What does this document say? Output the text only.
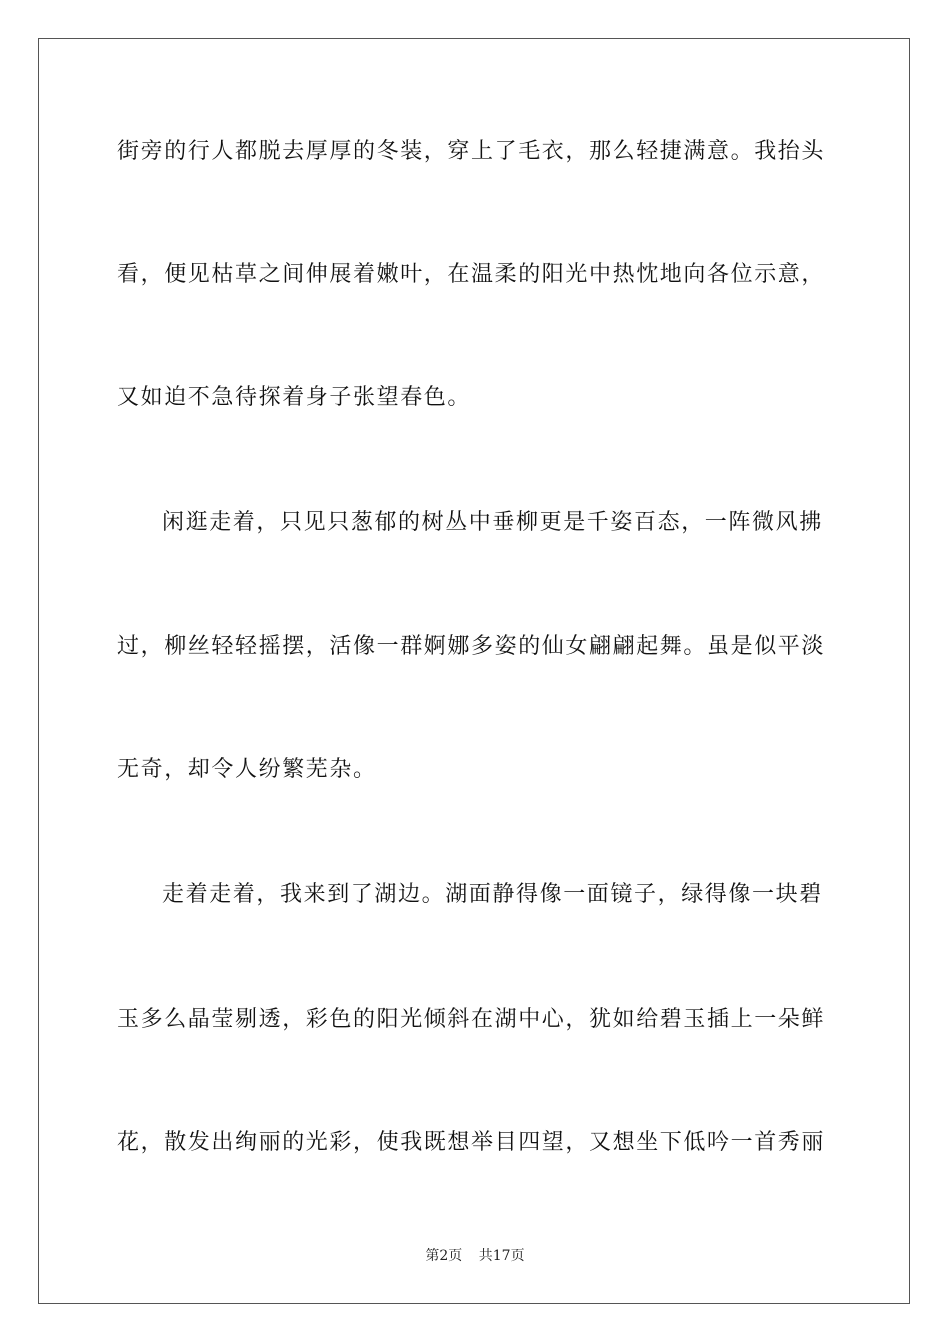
街旁的行人都脱去厚厚的冬装，穿上了毛衣，那么轻捷满意。我抬头
看，便见枯草之间伸展着嫩叶，在温柔的阳光中热忱地向各位示意，
又如迫不急待探着身子张望春色。
闲逛走着，只见只葱郁的树丛中垂柳更是千姿百态，一阵微风拂
过，柳丝轻轻摇摆，活像一群婀娜多姿的仙女翩翩起舞。虽是似平淡
无奇，却令人纷繁芜杂。
走着走着，我来到了湖边。湖面静得像一面镜子，绿得像一块碧
玉多么晶莹剔透，彩色的阳光倾斜在湖中心，犹如给碧玉插上一朵鲜
花，散发出绚丽的光彩，使我既想举目四望，又想坐下低吟一首秀丽
第2页 共17页
